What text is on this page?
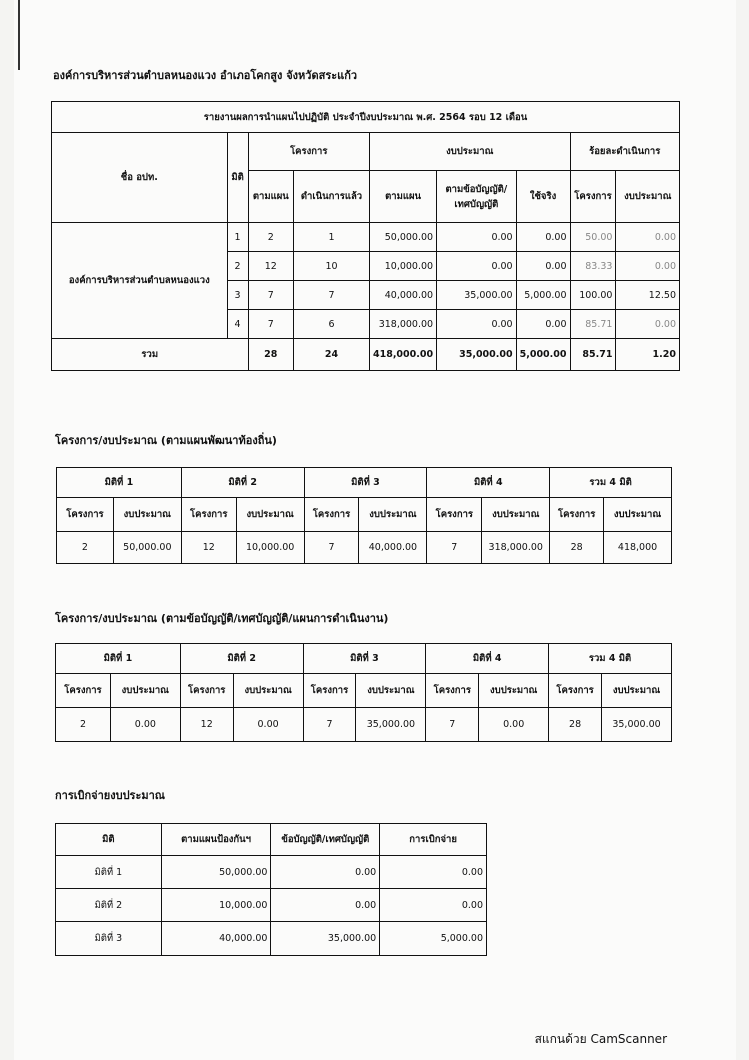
องค์การบริหารส่วนตำบลหนองแวง อำเภอโคกสูง จังหวัดสระแก้ว
รายงานผลการนำแผนไปปฏิบัติ ประจำปีงบประมาณ พ.ศ. 2564 รอบ 12 เดือน								
ชื่อ อปท.	มิติ	โครงการ		งบประมาณ			ร้อยละดำเนินการ	
		ตามแผน	ดำเนินการแล้ว	ตามแผน	ตามข้อบัญญัติ/เทศบัญญัติ	ใช้จริง	โครงการ	งบประมาณ
องค์การบริหารส่วนตำบลหนองแวง	1	2	1	50,000.00	0.00	0.00	50.00	0.00
	2	12	10	10,000.00	0.00	0.00	83.33	0.00
	3	7	7	40,000.00	35,000.00	5,000.00	100.00	12.50
	4	7	6	318,000.00	0.00	0.00	85.71	0.00
รวม		28	24	418,000.00	35,000.00	5,000.00	85.71	1.20
โครงการ/งบประมาณ (ตามแผนพัฒนาท้องถิ่น)
มิติที่ 1		มิติที่ 2		มิติที่ 3		มิติที่ 4		รวม 4 มิติ	
โครงการ	งบประมาณ	โครงการ	งบประมาณ	โครงการ	งบประมาณ	โครงการ	งบประมาณ	โครงการ	งบประมาณ
2	50,000.00	12	10,000.00	7	40,000.00	7	318,000.00	28	418,000
โครงการ/งบประมาณ (ตามข้อบัญญัติ/เทศบัญญัติ/แผนการดำเนินงาน)
มิติที่ 1		มิติที่ 2		มิติที่ 3		มิติที่ 4		รวม 4 มิติ	
โครงการ	งบประมาณ	โครงการ	งบประมาณ	โครงการ	งบประมาณ	โครงการ	งบประมาณ	โครงการ	งบประมาณ
2	0.00	12	0.00	7	35,000.00	7	0.00	28	35,000.00
การเบิกจ่ายงบประมาณ
มิติ	ตามแผนป้องกันฯ	ข้อบัญญัติ/เทศบัญญัติ	การเบิกจ่าย
มิติที่ 1	50,000.00	0.00	0.00
มิติที่ 2	10,000.00	0.00	0.00
มิติที่ 3	40,000.00	35,000.00	5,000.00
สแกนด้วย CamScanner
